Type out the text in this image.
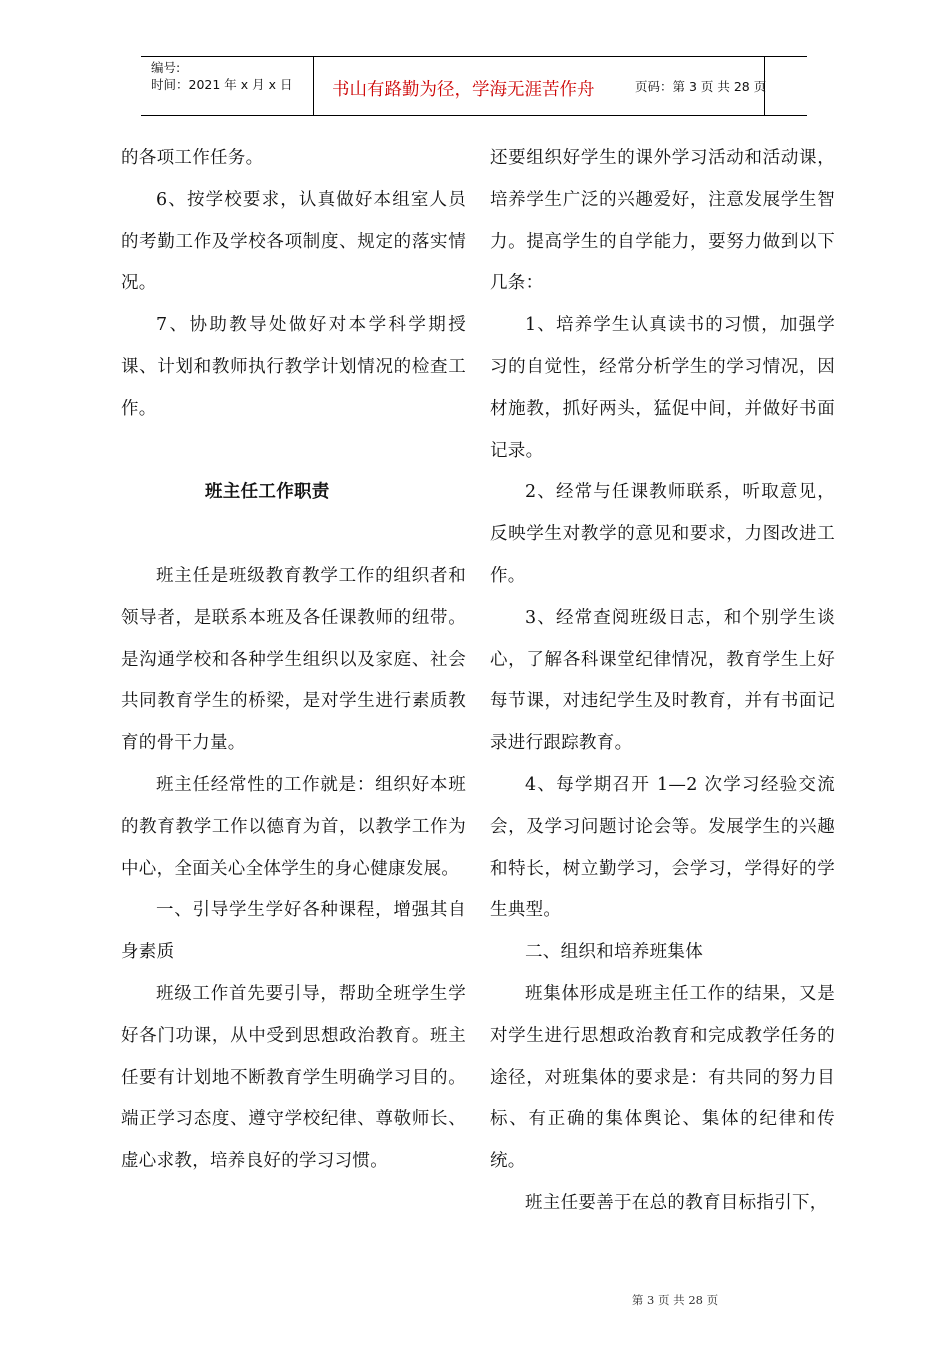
编号:
时间：2021 年 x 月 x 日	书山有路勤为径，学海无涯苦作舟	页码：第 3 页 共 28 页

的各项工作任务。

6、按学校要求，认真做好本组室人员的考勤工作及学校各项制度、规定的落实情况。

7、协助教导处做好对本学科学期授课、计划和教师执行教学计划情况的检查工作。

班主任工作职责

班主任是班级教育教学工作的组织者和领导者，是联系本班及各任课教师的纽带。是沟通学校和各种学生组织以及家庭、社会共同教育学生的桥梁，是对学生进行素质教育的骨干力量。

班主任经常性的工作就是：组织好本班的教育教学工作以德育为首，以教学工作为中心，全面关心全体学生的身心健康发展。

一、引导学生学好各种课程，增强其自身素质

班级工作首先要引导，帮助全班学生学好各门功课，从中受到思想政治教育。班主任要有计划地不断教育学生明确学习目的。端正学习态度、遵守学校纪律、尊敬师长、虚心求教，培养良好的学习习惯。

还要组织好学生的课外学习活动和活动课，培养学生广泛的兴趣爱好，注意发展学生智力。提高学生的自学能力，要努力做到以下几条：

1、培养学生认真读书的习惯，加强学习的自觉性，经常分析学生的学习情况，因材施教，抓好两头，猛促中间，并做好书面记录。

2、经常与任课教师联系，听取意见，反映学生对教学的意见和要求，力图改进工作。

3、经常查阅班级日志，和个别学生谈心，了解各科课堂纪律情况，教育学生上好每节课，对违纪学生及时教育，并有书面记录进行跟踪教育。

4、每学期召开 1—2 次学习经验交流会，及学习问题讨论会等。发展学生的兴趣和特长，树立勤学习，会学习，学得好的学生典型。

二、组织和培养班集体

班集体形成是班主任工作的结果，又是对学生进行思想政治教育和完成教学任务的途径，对班集体的要求是：有共同的努力目标、有正确的集体舆论、集体的纪律和传统。

班主任要善于在总的教育目标指引下，

第 3 页 共 28 页
